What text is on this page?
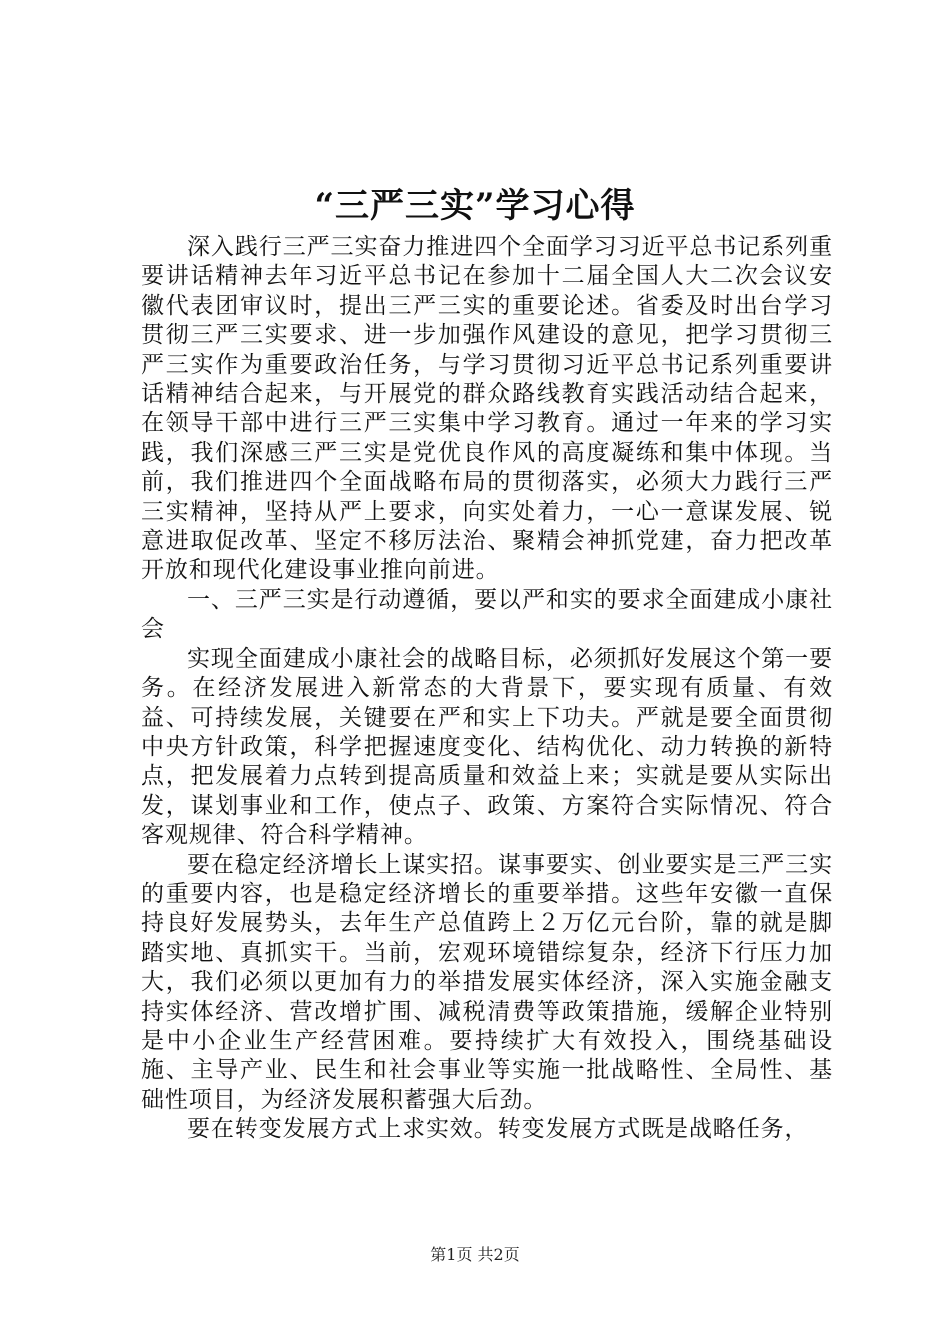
“三严三实”学习心得

深入践行三严三实奋力推进四个全面学习习近平总书记系列重要讲话精神去年习近平总书记在参加十二届全国人大二次会议安徽代表团审议时，提出三严三实的重要论述。省委及时出台学习贯彻三严三实要求、进一步加强作风建设的意见，把学习贯彻三严三实作为重要政治任务，与学习贯彻习近平总书记系列重要讲话精神结合起来，与开展党的群众路线教育实践活动结合起来，在领导干部中进行三严三实集中学习教育。通过一年来的学习实践，我们深感三严三实是党优良作风的高度凝练和集中体现。当前，我们推进四个全面战略布局的贯彻落实，必须大力践行三严三实精神，坚持从严上要求，向实处着力，一心一意谋发展、锐意进取促改革、坚定不移厉法治、聚精会神抓党建，奋力把改革开放和现代化建设事业推向前进。

一、三严三实是行动遵循，要以严和实的要求全面建成小康社会

实现全面建成小康社会的战略目标，必须抓好发展这个第一要务。在经济发展进入新常态的大背景下，要实现有质量、有效益、可持续发展，关键要在严和实上下功夫。严就是要全面贯彻中央方针政策，科学把握速度变化、结构优化、动力转换的新特点，把发展着力点转到提高质量和效益上来；实就是要从实际出发，谋划事业和工作，使点子、政策、方案符合实际情况、符合客观规律、符合科学精神。

要在稳定经济增长上谋实招。谋事要实、创业要实是三严三实的重要内容，也是稳定经济增长的重要举措。这些年安徽一直保持良好发展势头，去年生产总值跨上２万亿元台阶，靠的就是脚踏实地、真抓实干。当前，宏观环境错综复杂，经济下行压力加大，我们必须以更加有力的举措发展实体经济，深入实施金融支持实体经济、营改增扩围、减税清费等政策措施，缓解企业特别是中小企业生产经营困难。要持续扩大有效投入，围绕基础设施、主导产业、民生和社会事业等实施一批战略性、全局性、基础性项目，为经济发展积蓄强大后劲。

要在转变发展方式上求实效。转变发展方式既是战略任务，

第1页 共2页
